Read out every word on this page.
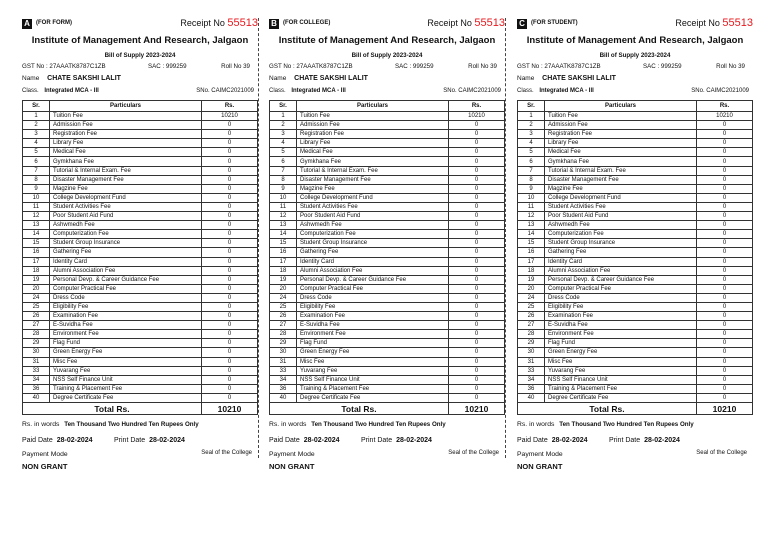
A	(FOR FORM)	Receipt No 55513
Institute of Management And Research, Jalgaon
Bill of Supply 2023-2024
GST No : 27AAATK8787C1ZB	SAC : 999259	Roll No 39
Name CHATE SAKSHI LALIT
Class. Integrated MCA - III	SNo. CAIMC2021009
Sr.	Particulars	Rs.
1	Tuition Fee	10210
2	Admission Fee	0
3	Registration Fee	0
4	Library Fee	0
5	Medical Fee	0
6	Gymkhana Fee	0
7	Tutorial & Internal Exam. Fee	0
8	Disaster Management Fee	0
9	Magzine Fee	0
10	College Development Fund	0
11	Student Activities Fee	0
12	Poor Student Aid Fund	0
13	Ashwmedh Fee	0
14	Computerization Fee	0
15	Student Group Insurance	0
16	Gathering Fee	0
17	Identity Card	0
18	Alumni Association Fee	0
19	Personal Devp. & Career Guidance Fee	0
20	Computer Practical Fee	0
24	Dress Code	0
25	Eligibility Fee	0
26	Examination Fee	0
27	E-Suvidha Fee	0
28	Environment Fee	0
29	Flag Fund	0
30	Green Energy Fee	0
31	Misc Fee	0
33	Yuvarang Fee	0
34	NSS Self Finance Unit	0
36	Training & Placement Fee	0
40	Degree Certificate Fee	0
Total Rs.		10210
Rs. in words Ten Thousand Two Hundred Ten Rupees Only
Paid Date 28-02-2024	Print Date 28-02-2024
Payment Mode	Seal of the College
NON GRANT
B	(FOR COLLEGE)	Receipt No 55513
Institute of Management And Research, Jalgaon
Bill of Supply 2023-2024
GST No : 27AAATK8787C1ZB	SAC : 999259	Roll No 39
Name CHATE SAKSHI LALIT
Class. Integrated MCA - III	SNo. CAIMC2021009
Sr.	Particulars	Rs.
1	Tuition Fee	10210
2	Admission Fee	0
3	Registration Fee	0
4	Library Fee	0
5	Medical Fee	0
6	Gymkhana Fee	0
7	Tutorial & Internal Exam. Fee	0
8	Disaster Management Fee	0
9	Magzine Fee	0
10	College Development Fund	0
11	Student Activities Fee	0
12	Poor Student Aid Fund	0
13	Ashwmedh Fee	0
14	Computerization Fee	0
15	Student Group Insurance	0
16	Gathering Fee	0
17	Identity Card	0
18	Alumni Association Fee	0
19	Personal Devp. & Career Guidance Fee	0
20	Computer Practical Fee	0
24	Dress Code	0
25	Eligibility Fee	0
26	Examination Fee	0
27	E-Suvidha Fee	0
28	Environment Fee	0
29	Flag Fund	0
30	Green Energy Fee	0
31	Misc Fee	0
33	Yuvarang Fee	0
34	NSS Self Finance Unit	0
36	Training & Placement Fee	0
40	Degree Certificate Fee	0
Total Rs.		10210
Rs. in words Ten Thousand Two Hundred Ten Rupees Only
Paid Date 28-02-2024	Print Date 28-02-2024
Payment Mode	Seal of the College
NON GRANT
C	(FOR STUDENT)	Receipt No 55513
Institute of Management And Research, Jalgaon
Bill of Supply 2023-2024
GST No : 27AAATK8787C1ZB	SAC : 999259	Roll No 39
Name CHATE SAKSHI LALIT
Class. Integrated MCA - III	SNo. CAIMC2021009
Sr.	Particulars	Rs.
1	Tuition Fee	10210
2	Admission Fee	0
3	Registration Fee	0
4	Library Fee	0
5	Medical Fee	0
6	Gymkhana Fee	0
7	Tutorial & Internal Exam. Fee	0
8	Disaster Management Fee	0
9	Magzine Fee	0
10	College Development Fund	0
11	Student Activities Fee	0
12	Poor Student Aid Fund	0
13	Ashwmedh Fee	0
14	Computerization Fee	0
15	Student Group Insurance	0
16	Gathering Fee	0
17	Identity Card	0
18	Alumni Association Fee	0
19	Personal Devp. & Career Guidance Fee	0
20	Computer Practical Fee	0
24	Dress Code	0
25	Eligibility Fee	0
26	Examination Fee	0
27	E-Suvidha Fee	0
28	Environment Fee	0
29	Flag Fund	0
30	Green Energy Fee	0
31	Misc Fee	0
33	Yuvarang Fee	0
34	NSS Self Finance Unit	0
36	Training & Placement Fee	0
40	Degree Certificate Fee	0
Total Rs.		10210
Rs. in words Ten Thousand Two Hundred Ten Rupees Only
Paid Date 28-02-2024	Print Date 28-02-2024
Payment Mode	Seal of the College
NON GRANT
